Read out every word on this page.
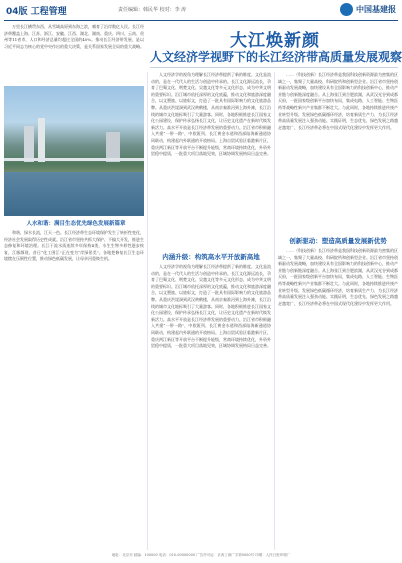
04版 工程管理	责任编辑：韩民华 校对：李 涛	中国基建报
大江焕新颜
人文经济学视野下的长江经济带高质量发展观察
万里长江横贯东西，从雪域高原到东海之滨，哺育了沿岸数亿人民。长江经济带覆盖上海、江苏、浙江、安徽、江西、湖北、湖南、重庆、四川、云南、贵州等11省市，人口和经济总量均超过全国的40%。推动长江经济带发展，是以习近平同志为核心的党中央作出的重大决策，是关系国家发展全局的重大战略。
人水和谐：满目生态优先绿色发展新篇章
和谐，绿水长流，江天一色。长江经济带生态环境保护发生了转折性变化，经济社会发展取得历史性成就。沿江省市坚持共抓大保护、不搞大开发，推进生态修复和环境治理。长江干流水质连续多年保持Ⅱ类，水生生物多样性逐步恢复，江豚频现，昔日“化工围江”正在变为“岸绿景美”。各地把修复长江生态环境摆在压倒性位置，推动绿色低碳发展，让母亲河重焕生机。
人文经济学的视角为理解长江经济带提供了新的维度。文化是流动的，是在一代代人的生活与创造中传承的。长江文化源远流长，孕育了巴蜀文化、荆楚文化、吴越文化等多元文化形态，成为中华文明的重要标识。沿江城市依托深厚的文化底蕴，推动文化和旅游深度融合，以文塑旅、以旅彰文，打造了一批具有国际影响力的文化旅游品牌。从重庆洪崖洞到武汉黄鹤楼，从南京秦淮河到上海外滩，长江沿线的城市文化地标吸引了大量游客。同时，各地积极推进长江国家文化公园建设，保护传承弘扬长江文化，让历史文化遗产在新时代焕发新活力。高水平开放是长江经济带发展的重要动力。沿江省市积极融入共建“一带一路”，中欧班列、长江黄金水道和西部陆海新通道协同联动，构建起内外联通的开放格局。上海自贸试验区临港新片区、重庆两江新区等开放平台不断提升能级，营商环境持续优化，外资外贸稳中提质，一批重大项目落地见效，区域协调发展格局日益完善。
内涵升级：构筑高水平开放新高地
人文经济学的视角为理解长江经济带提供了新的维度。文化是流动的，是在一代代人的生活与创造中传承的。长江文化源远流长，孕育了巴蜀文化、荆楚文化、吴越文化等多元文化形态，成为中华文明的重要标识。沿江城市依托深厚的文化底蕴，推动文化和旅游深度融合，以文塑旅、以旅彰文，打造了一批具有国际影响力的文化旅游品牌。从重庆洪崖洞到武汉黄鹤楼，从南京秦淮河到上海外滩，长江沿线的城市文化地标吸引了大量游客。同时，各地积极推进长江国家文化公园建设，保护传承弘扬长江文化，让历史文化遗产在新时代焕发新活力。高水平开放是长江经济带发展的重要动力。沿江省市积极融入共建“一带一路”，中欧班列、长江黄金水道和西部陆海新通道协同联动，构建起内外联通的开放格局。上海自贸试验区临港新片区、重庆两江新区等开放平台不断提升能级，营商环境持续优化，外资外贸稳中提质，一批重大项目落地见效，区域协调发展格局日益完善。
……（科技创新）长江经济带是我国科技创新资源最为密集的区域之一，集聚了大量高校、科研院所和创新型企业。沿江省市坚持创新驱动发展战略，加快建设具有全国影响力的科技创新中心，推动产业链与创新链深度融合。从上海张江到合肥滨湖，从武汉光谷到成都天府，一批国家级创新平台加快布局，集成电路、人工智能、生物医药等战略性新兴产业集群不断壮大。与此同时，各地持续推进传统产业转型升级，发展绿色低碳循环经济，培育新质生产力，为长江经济带高质量发展注入强劲动能。实践证明，生态优先、绿色发展之路越走越宽广，长江经济带必将在中国式现代化建设中发挥更大作用。
创新驱动：塑造高质量发展新优势
……（科技创新）长江经济带是我国科技创新资源最为密集的区域之一，集聚了大量高校、科研院所和创新型企业。沿江省市坚持创新驱动发展战略，加快建设具有全国影响力的科技创新中心，推动产业链与创新链深度融合。从上海张江到合肥滨湖，从武汉光谷到成都天府，一批国家级创新平台加快布局，集成电路、人工智能、生物医药等战略性新兴产业集群不断壮大。与此同时，各地持续推进传统产业转型升级，发展绿色低碳循环经济，培育新质生产力，为长江经济带高质量发展注入强劲动能。实践证明，生态优先、绿色发展之路越走越宽广，长江经济带必将在中国式现代化建设中发挥更大作用。
地址：北京市 邮编：100000 电话：010-00000000 广告许可证：京西工商广字第0000号 印刷：人民日报印刷厂
